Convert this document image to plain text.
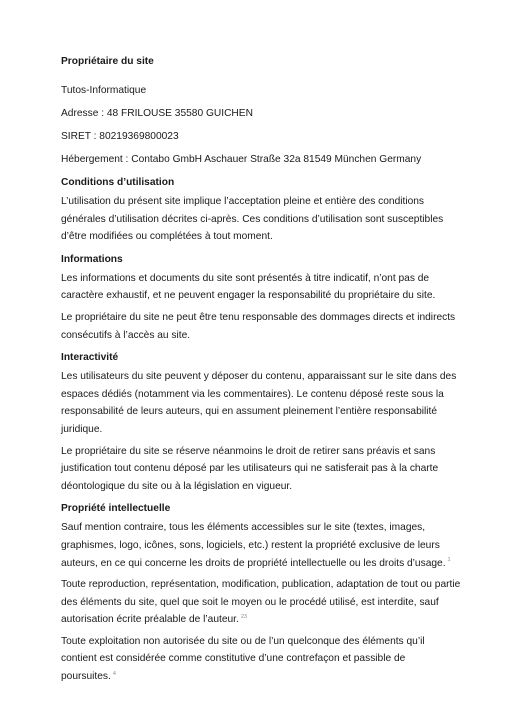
Propriétaire du site
Tutos-Informatique
Adresse : 48 FRILOUSE 35580 GUICHEN
SIRET : 80219369800023
Hébergement : Contabo GmbH Aschauer Straße 32a 81549 München Germany
Conditions d’utilisation

L’utilisation du présent site implique l’acceptation pleine et entière des conditions générales d’utilisation décrites ci-après. Ces conditions d’utilisation sont susceptibles d’être modifiées ou complétées à tout moment.

Informations

Les informations et documents du site sont présentés à titre indicatif, n’ont pas de caractère exhaustif, et ne peuvent engager la responsabilité du propriétaire du site.

Le propriétaire du site ne peut être tenu responsable des dommages directs et indirects consécutifs à l’accès au site.

Interactivité

Les utilisateurs du site peuvent y déposer du contenu, apparaissant sur le site dans des espaces dédiés (notamment via les commentaires). Le contenu déposé reste sous la responsabilité de leurs auteurs, qui en assument pleinement l’entière responsabilité juridique.

Le propriétaire du site se réserve néanmoins le droit de retirer sans préavis et sans justification tout contenu déposé par les utilisateurs qui ne satisferait pas à la charte déontologique du site ou à la législation en vigueur.

Propriété intellectuelle

Sauf mention contraire, tous les éléments accessibles sur le site (textes, images, graphismes, logo, icônes, sons, logiciels, etc.) restent la propriété exclusive de leurs auteurs, en ce qui concerne les droits de propriété intellectuelle ou les droits d’usage. $^1$

Toute reproduction, représentation, modification, publication, adaptation de tout ou partie des éléments du site, quel que soit le moyen ou le procédé utilisé, est interdite, sauf autorisation écrite préalable de l’auteur. $^{23}$

Toute exploitation non autorisée du site ou de l’un quelconque des éléments qu’il contient est considérée comme constitutive d’une contrefaçon et passible de poursuites. $^4$
